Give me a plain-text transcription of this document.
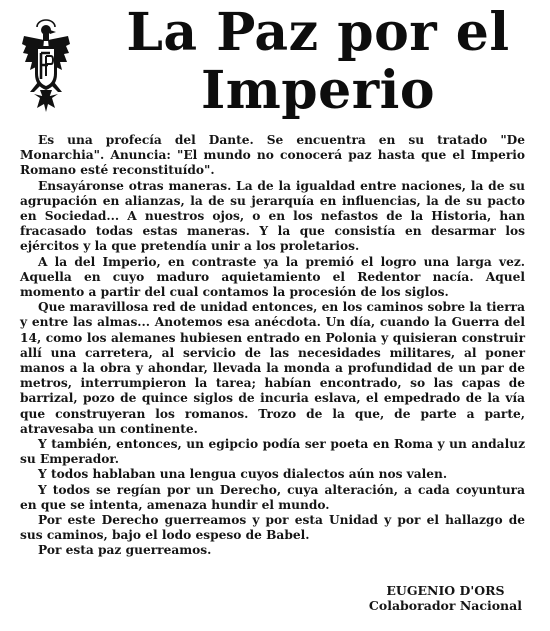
La Paz por el
Imperio

Es una profecía del Dante. Se encuentra en su tratado "De Monarchia". Anuncia: "El mundo no conocerá paz hasta que el Imperio Romano esté reconstituído".

Ensayáronse otras maneras. La de la igualdad entre naciones, la de su agrupación en alianzas, la de su jerarquía en influencias, la de su pacto en Sociedad... A nuestros ojos, o en los nefastos de la Historia, han fracasado todas estas maneras. Y la que consistía en desarmar los ejércitos y la que pretendía unir a los proletarios.

A la del Imperio, en contraste ya la premió el logro una larga vez. Aquella en cuyo maduro aquietamiento el Redentor nacía. Aquel momento a partir del cual contamos la procesión de los siglos.

Que maravillosa red de unidad entonces, en los caminos sobre la tierra y entre las almas... Anotemos esa anécdota. Un día, cuando la Guerra del 14, como los alemanes hubiesen entrado en Polonia y quisieran construir allí una carretera, al servicio de las necesidades militares, al poner manos a la obra y ahondar, llevada la monda a profundidad de un par de metros, interrumpieron la tarea; habían encontrado, so las capas de barrizal, pozo de quince siglos de incuria eslava, el empedrado de la vía que construyeran los romanos. Trozo de la que, de parte a parte, atravesaba un continente.

Y también, entonces, un egipcio podía ser poeta en Roma y un andaluz su Emperador.

Y todos hablaban una lengua cuyos dialectos aún nos valen.

Y todos se regían por un Derecho, cuya alteración, a cada coyuntura en que se intenta, amenaza hundir el mundo.

Por este Derecho guerreamos y por esta Unidad y por el hallazgo de sus caminos, bajo el lodo espeso de Babel.

Por esta paz guerreamos.

EUGENIO D'ORS
Colaborador Nacional
